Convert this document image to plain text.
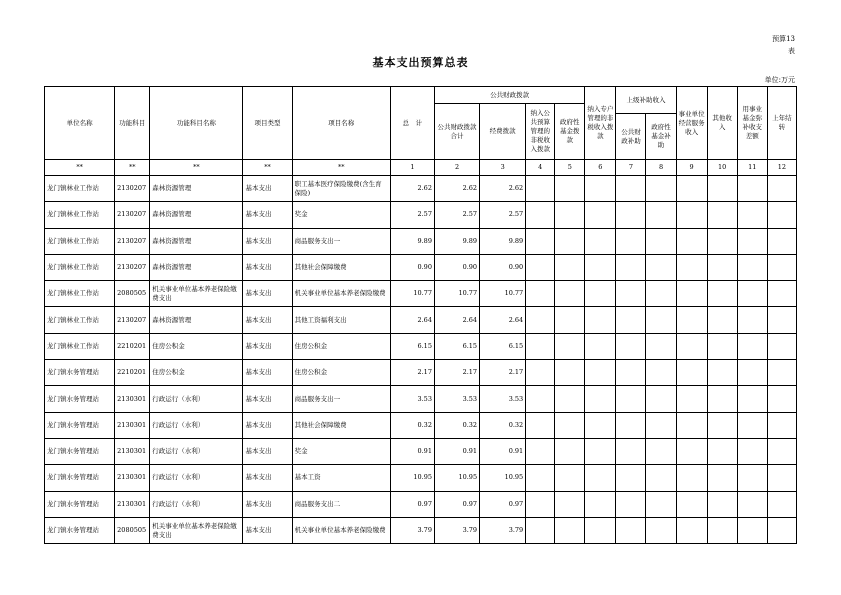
预算13
表
基本支出预算总表
单位:万元
单位名称	功能科目	功能科目名称	项目类型	项目名称	总　计	公共财政拨款				纳入专户管理的非税收入拨款	上级补助收入		事业单位经营服务收入	其他收入	用事业基金弥补收支差额	上年结转
						公共财政拨款合计	经费拨款	纳入公共预算管理的非税收入拨款	政府性基金拨款							
											公共财政补助	政府性基金补助				
**	**	**	**	**	1	2	3	4	5	6	7	8	9	10	11	12
龙门镇林业工作站	2130207	森林资源管理	基本支出	职工基本医疗保险缴费(含生育保险)	2.62	2.62	2.62									
龙门镇林业工作站	2130207	森林资源管理	基本支出	奖金	2.57	2.57	2.57									
龙门镇林业工作站	2130207	森林资源管理	基本支出	商品服务支出一	9.89	9.89	9.89									
龙门镇林业工作站	2130207	森林资源管理	基本支出	其他社会保障缴费	0.90	0.90	0.90									
龙门镇林业工作站	2080505	机关事业单位基本养老保险缴费支出	基本支出	机关事业单位基本养老保险缴费	10.77	10.77	10.77									
龙门镇林业工作站	2130207	森林资源管理	基本支出	其他工资福利支出	2.64	2.64	2.64									
龙门镇林业工作站	2210201	住房公积金	基本支出	住房公积金	6.15	6.15	6.15									
龙门镇水务管理站	2210201	住房公积金	基本支出	住房公积金	2.17	2.17	2.17									
龙门镇水务管理站	2130301	行政运行（水利）	基本支出	商品服务支出一	3.53	3.53	3.53									
龙门镇水务管理站	2130301	行政运行（水利）	基本支出	其他社会保障缴费	0.32	0.32	0.32									
龙门镇水务管理站	2130301	行政运行（水利）	基本支出	奖金	0.91	0.91	0.91									
龙门镇水务管理站	2130301	行政运行（水利）	基本支出	基本工资	10.95	10.95	10.95									
龙门镇水务管理站	2130301	行政运行（水利）	基本支出	商品服务支出二	0.97	0.97	0.97									
龙门镇水务管理站	2080505	机关事业单位基本养老保险缴费支出	基本支出	机关事业单位基本养老保险缴费	3.79	3.79	3.79									
